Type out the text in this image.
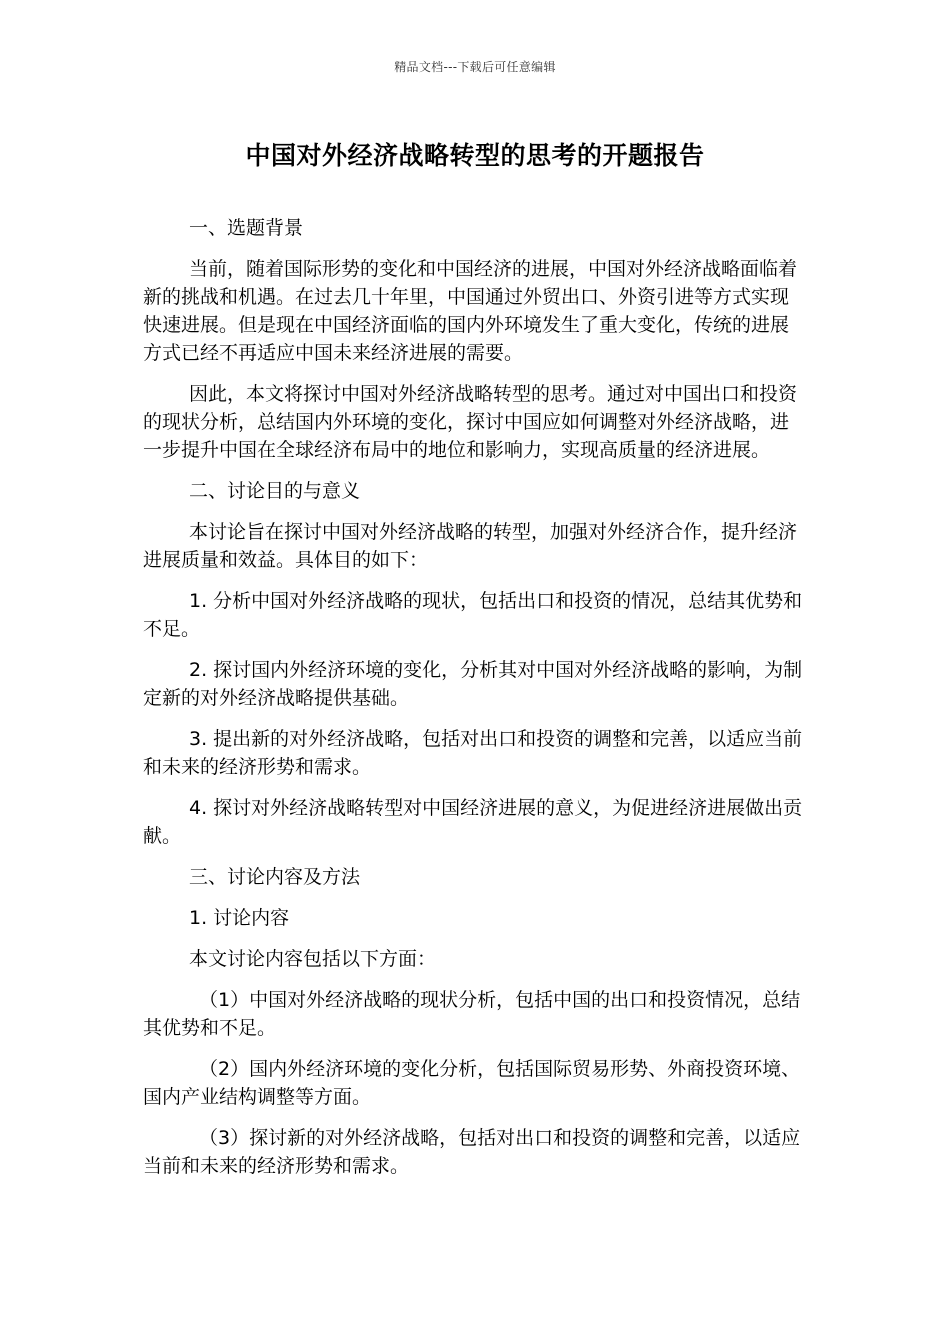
精品文档---下载后可任意编辑
中国对外经济战略转型的思考的开题报告

一、选题背景

当前，随着国际形势的变化和中国经济的进展，中国对外经济战略面临着新的挑战和机遇。在过去几十年里，中国通过外贸出口、外资引进等方式实现快速进展。但是现在中国经济面临的国内外环境发生了重大变化，传统的进展方式已经不再适应中国未来经济进展的需要。

因此，本文将探讨中国对外经济战略转型的思考。通过对中国出口和投资的现状分析，总结国内外环境的变化，探讨中国应如何调整对外经济战略，进一步提升中国在全球经济布局中的地位和影响力，实现高质量的经济进展。

二、讨论目的与意义

本讨论旨在探讨中国对外经济战略的转型，加强对外经济合作，提升经济进展质量和效益。具体目的如下：

1. 分析中国对外经济战略的现状，包括出口和投资的情况，总结其优势和不足。

2. 探讨国内外经济环境的变化，分析其对中国对外经济战略的影响，为制定新的对外经济战略提供基础。

3. 提出新的对外经济战略，包括对出口和投资的调整和完善，以适应当前和未来的经济形势和需求。

4. 探讨对外经济战略转型对中国经济进展的意义，为促进经济进展做出贡献。

三、讨论内容及方法

1. 讨论内容

本文讨论内容包括以下方面：

（1）中国对外经济战略的现状分析，包括中国的出口和投资情况，总结其优势和不足。

（2）国内外经济环境的变化分析，包括国际贸易形势、外商投资环境、国内产业结构调整等方面。

（3）探讨新的对外经济战略，包括对出口和投资的调整和完善，以适应当前和未来的经济形势和需求。
